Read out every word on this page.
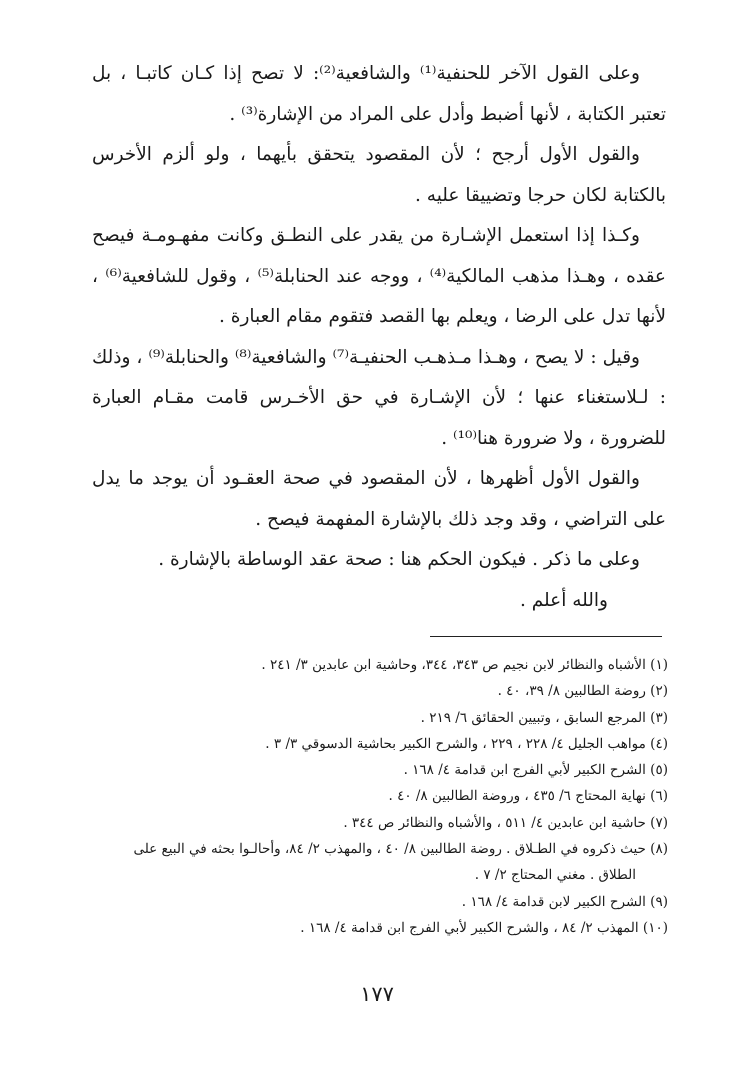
وعلى القول الآخر للحنفية⁽¹⁾ والشافعية⁽²⁾: لا تصح إذا كـان كاتبـا ، بل تعتبر الكتابة ، لأنها أضبط وأدل على المراد من الإشارة⁽³⁾ .

والقول الأول أرجح ؛ لأن المقصود يتحقق بأيهما ، ولو ألزم الأخرس بالكتابة لكان حرجا وتضييقا عليه .

وكـذا إذا استعمل الإشـارة من يقدر على النطـق وكانت مفهـومـة فيصح عقده ، وهـذا مذهب المالكية⁽⁴⁾ ، ووجه عند الحنابلة⁽⁵⁾ ، وقول للشافعية⁽⁶⁾ ، لأنها تدل على الرضا ، ويعلم بها القصد فتقوم مقام العبارة .

وقيل : لا يصح ، وهـذا مـذهـب الحنفيـة⁽⁷⁾ والشافعية⁽⁸⁾ والحنابلة⁽⁹⁾ ، وذلك : لـلاستغناء عنها ؛ لأن الإشـارة في حق الأخـرس قامت مقـام العبارة للضرورة ، ولا ضرورة هنا⁽¹⁰⁾ .

والقول الأول أظهرها ، لأن المقصود في صحة العقـود أن يوجد ما يدل على التراضي ، وقد وجد ذلك بالإشارة المفهمة فيصح .

وعلى ما ذكر . فيكون الحكم هنا : صحة عقد الوساطة بالإشارة .

والله أعلم .

(١) الأشباه والنظائر لابن نجيم ص ٣٤٣، ٣٤٤، وحاشية ابن عابدين ٣/ ٢٤١ .

(٢) روضة الطالبين ٨/ ٣٩، ٤٠ .

(٣) المرجع السابق ، وتبيين الحقائق ٦/ ٢١٩ .

(٤) مواهب الجليل ٤/ ٢٢٨ ، ٢٢٩ ، والشرح الكبير بحاشية الدسوقي ٣/ ٣ .

(٥) الشرح الكبير لأبي الفرج ابن قدامة ٤/ ١٦٨ .

(٦) نهاية المحتاج ٦/ ٤٣٥ ، وروضة الطالبين ٨/ ٤٠ .

(٧) حاشية ابن عابدين ٤/ ٥١١ ، والأشباه والنظائر ص ٣٤٤ .

(٨) حيث ذكروه في الطـلاق . روضة الطالبين ٨/ ٤٠ ، والمهذب ٢/ ٨٤، وأحالـوا بحثه في البيع على

الطلاق . مغني المحتاج ٢/ ٧ .

(٩) الشرح الكبير لابن قدامة ٤/ ١٦٨ .

(١٠) المهذب ٢/ ٨٤ ، والشرح الكبير لأبي الفرج ابن قدامة ٤/ ١٦٨ .

١٧٧
